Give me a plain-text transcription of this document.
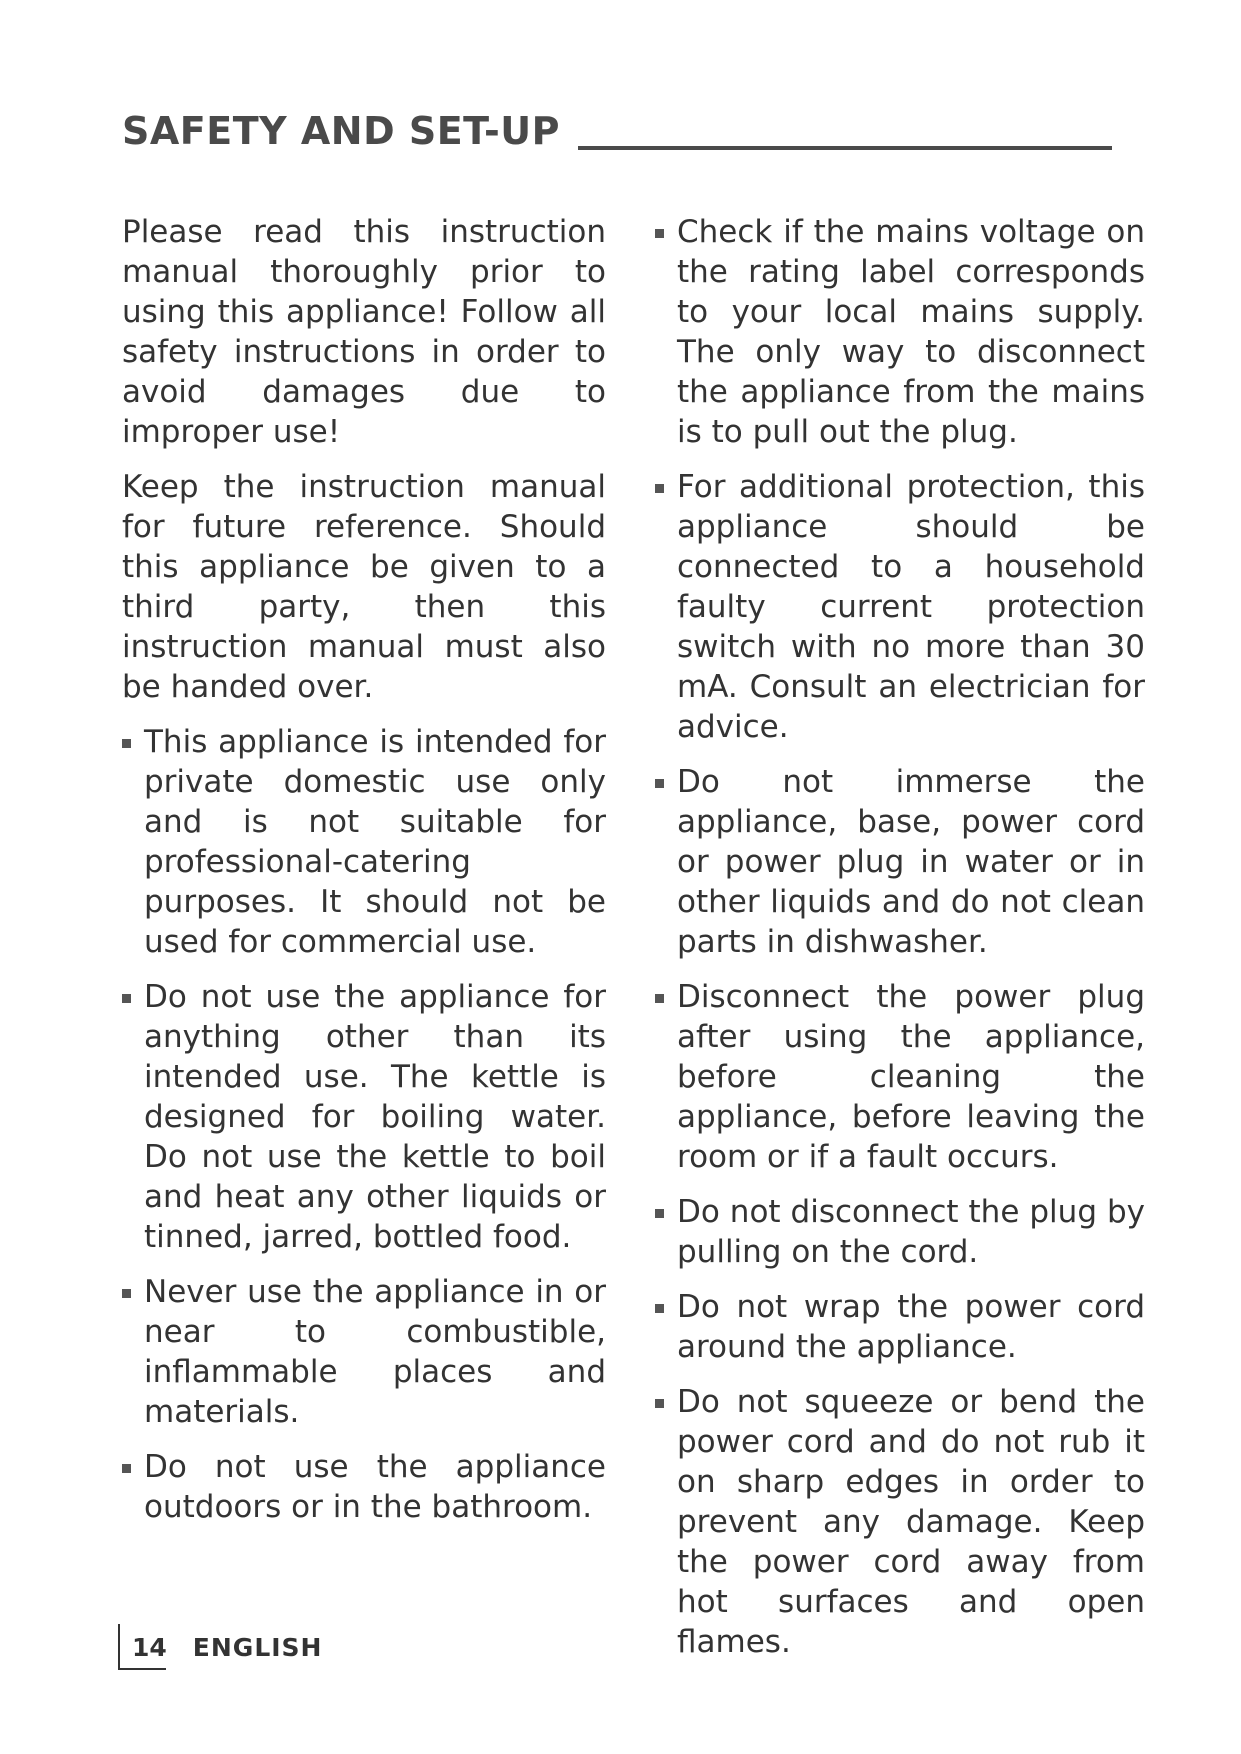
SAFETY AND SET-UP

Please read this instruction manual thoroughly prior to using this appliance! Follow all safety instructions in order to avoid damages due to improper use!

Keep the instruction manual for future reference. Should this appliance be given to a third party, then this instruction manual must also be handed over.

This appliance is intended for private domestic use only and is not suitable for professional-catering purposes. It should not be used for commercial use.
Do not use the appliance for anything other than its intended use. The kettle is designed for boiling water. Do not use the kettle to boil and heat any other liquids or tinned, jarred, bottled food.
Never use the appliance in or near to combustible, inflammable places and materials.
Do not use the appliance outdoors or in the bathroom.
Check if the mains voltage on the rating label corresponds to your local mains supply. The only way to disconnect the appliance from the mains is to pull out the plug.
For additional protection, this appliance should be connected to a household faulty current protection switch with no more than 30 mA. Consult an electrician for advice.
Do not immerse the appliance, base, power cord or power plug in water or in other liquids and do not clean parts in dishwasher.
Disconnect the power plug after using the appliance, before cleaning the appliance, before leaving the room or if a fault occurs.
Do not disconnect the plug by pulling on the cord.
Do not wrap the power cord around the appliance.
Do not squeeze or bend the power cord and do not rub it on sharp edges in order to prevent any damage. Keep the power cord away from hot surfaces and open flames.
14 ENGLISH
